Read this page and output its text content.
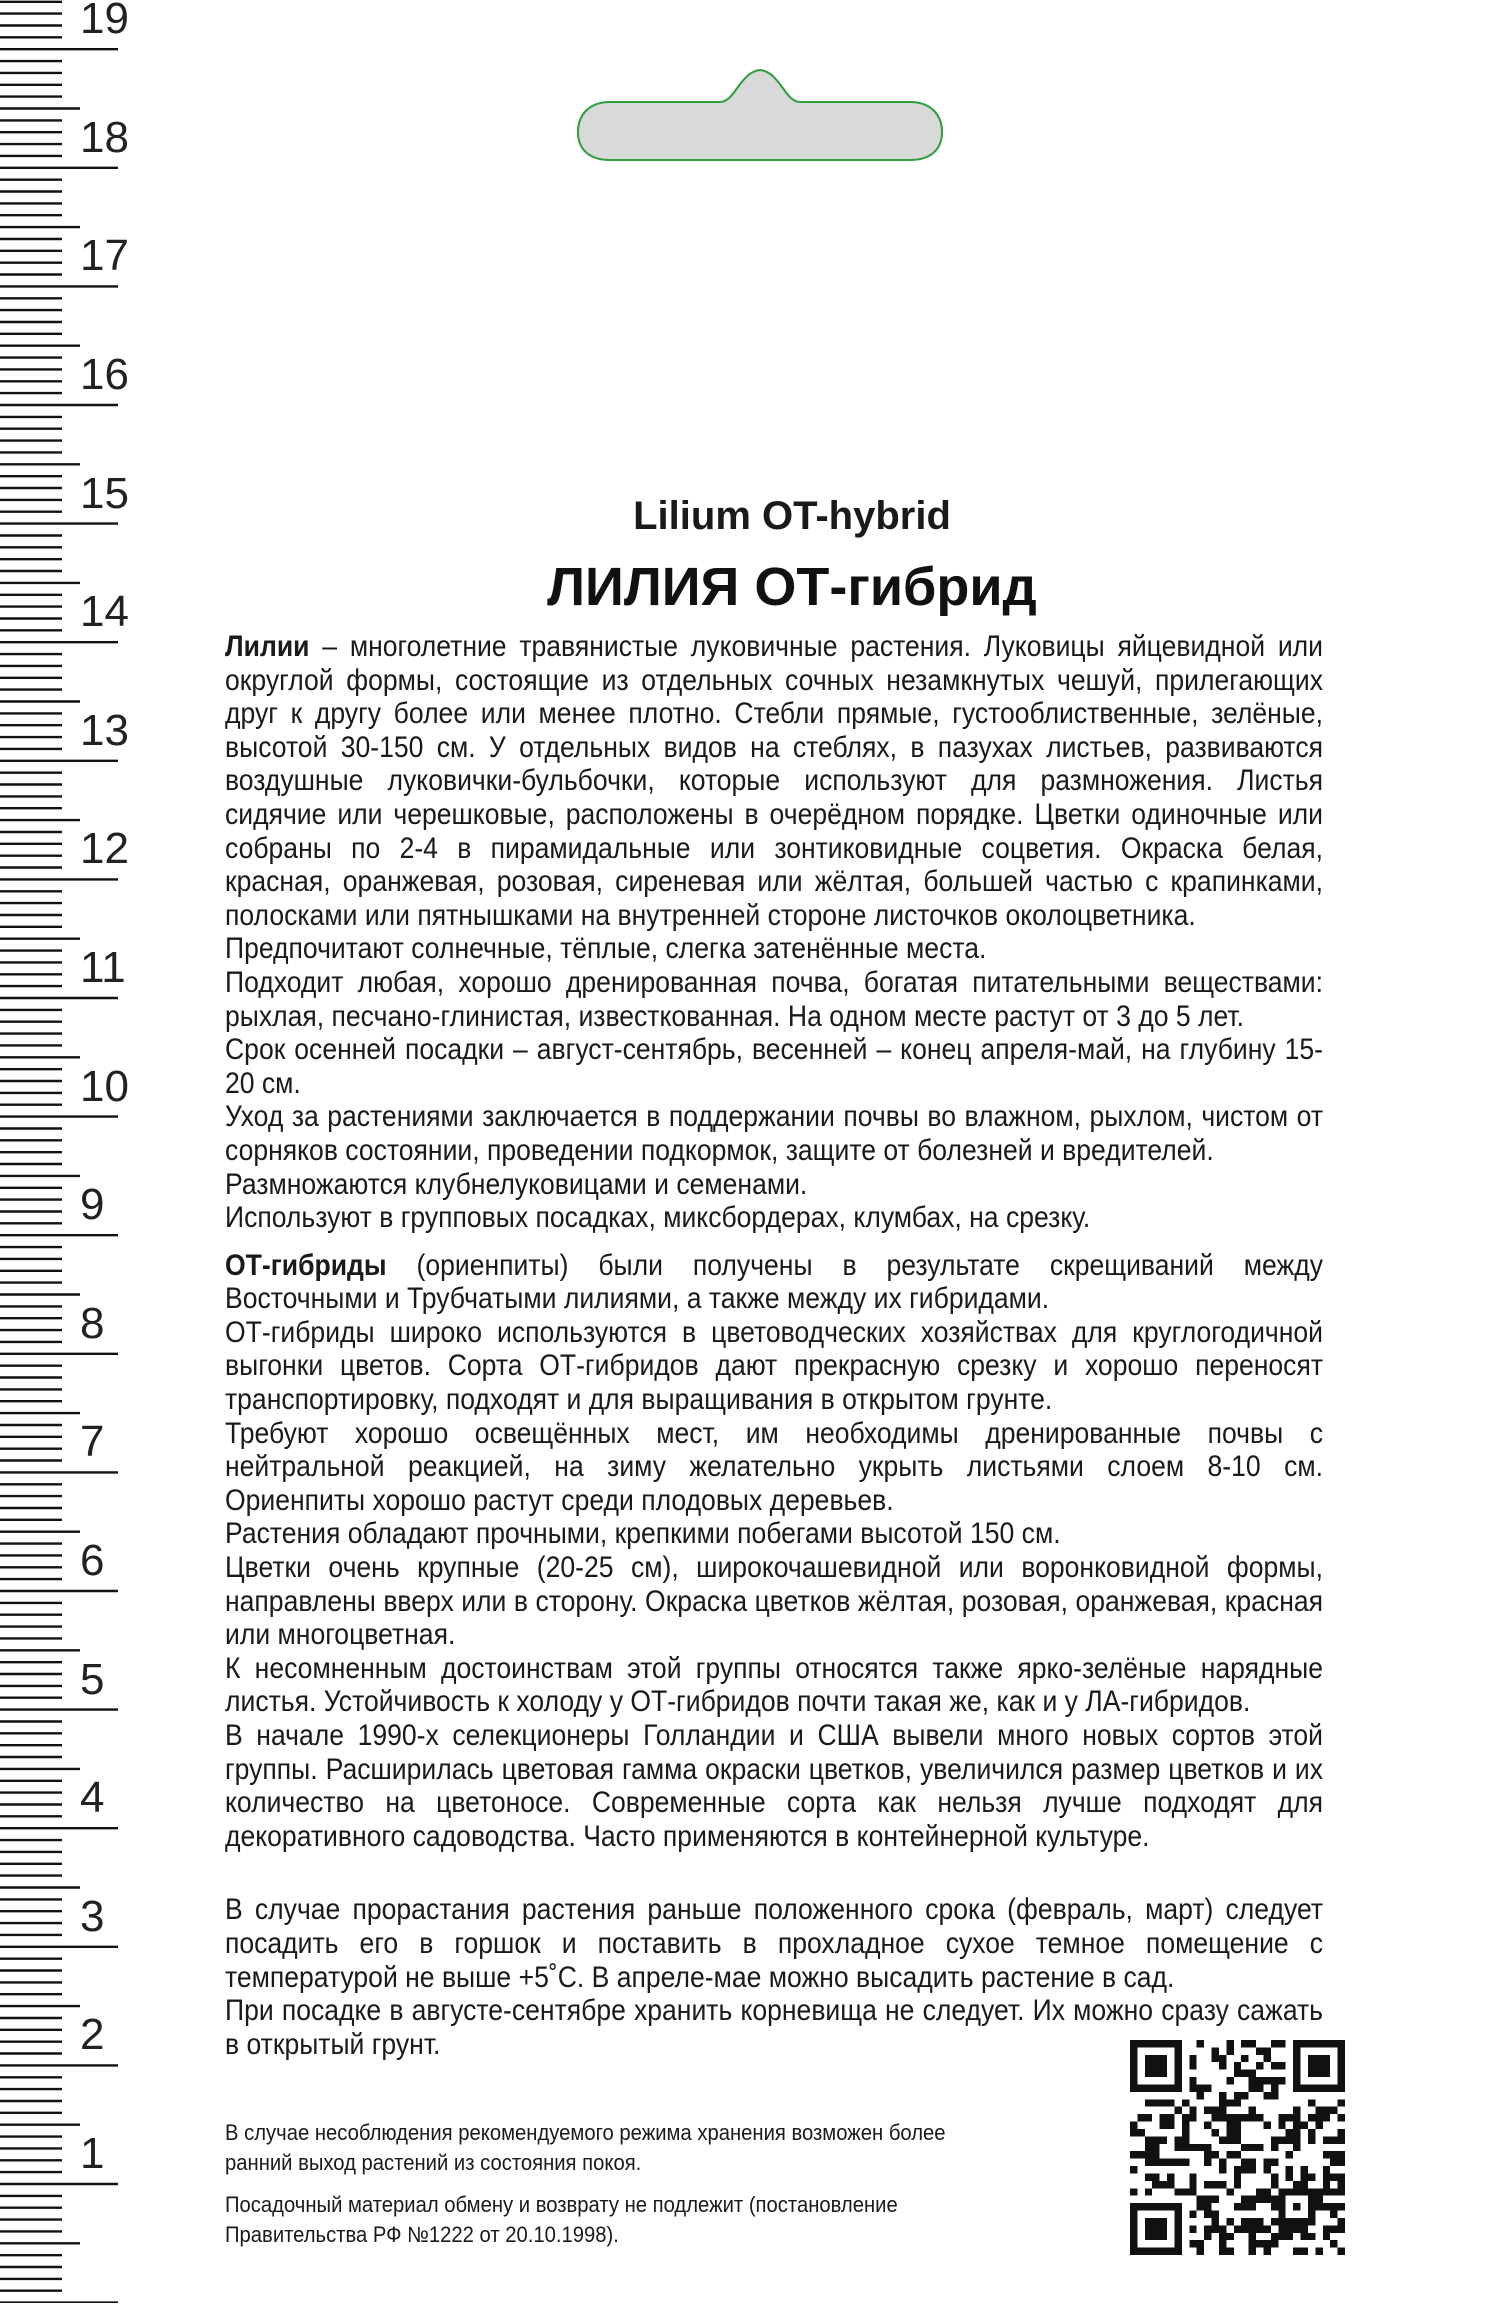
19
18
17
16
15
14
13
12
11
10
9
8
7
6
5
4
3
2
1
Lilium OT-hybrid
ЛИЛИЯ ОТ-гибрид

Лилии – многолетние травянистые луковичные растения. Луковицы яйцевидной или округлой формы, состоящие из отдельных сочных незамкнутых чешуй, прилегающих друг к другу более или менее плотно. Стебли прямые, густооблиственные, зелёные, высотой 30-150 см. У отдельных видов на стеблях, в пазухах листьев, развиваются воздушные луковички-бульбочки, которые используют для размножения. Листья сидячие или черешковые, расположены в очерёдном порядке. Цветки одиночные или собраны по 2-4 в пирамидальные или зонтиковидные соцветия. Окраска белая, красная, оранжевая, розовая, сиреневая или жёлтая, большей частью с крапинками, полосками или пятнышками на внутренней стороне листочков околоцветника.

Предпочитают солнечные, тёплые, слегка затенённые места.

Подходит любая, хорошо дренированная почва, богатая питательными веществами: рыхлая, песчано-глинистая, известкованная. На одном месте растут от 3 до 5 лет.

Срок осенней посадки – август-сентябрь, весенней – конец апреля-май, на глубину 15-20 см.

Уход за растениями заключается в поддержании почвы во влажном, рыхлом, чистом от сорняков состоянии, проведении подкормок, защите от болезней и вредителей.

Размножаются клубнелуковицами и семенами.

Используют в групповых посадках, миксбордерах, клумбах, на срезку.

ОТ-гибриды (ориенпиты) были получены в результате скрещиваний между Восточными и Трубчатыми лилиями, а также между их гибридами.

ОТ-гибриды широко используются в цветоводческих хозяйствах для круглогодичной выгонки цветов. Сорта ОТ-гибридов дают прекрасную срезку и хорошо переносят транспортировку, подходят и для выращивания в открытом грунте.

Требуют хорошо освещённых мест, им необходимы дренированные почвы с нейтральной реакцией, на зиму желательно укрыть листьями слоем 8-10 см. Ориенпиты хорошо растут среди плодовых деревьев.

Растения обладают прочными, крепкими побегами высотой 150 см.

Цветки очень крупные (20-25 см), широкочашевидной или воронковидной формы, направлены вверх или в сторону. Окраска цветков жёлтая, розовая, оранжевая, красная или многоцветная.

К несомненным достоинствам этой группы относятся также ярко-зелёные нарядные листья. Устойчивость к холоду у ОТ-гибридов почти такая же, как и у ЛА-гибридов.

В начале 1990-х селекционеры Голландии и США вывели много новых сортов этой группы. Расширилась цветовая гамма окраски цветков, увеличился размер цветков и их количество на цветоносе. Современные сорта как нельзя лучше подходят для декоративного садоводства. Часто применяются в контейнерной культуре.

В случае прорастания растения раньше положенного срока (февраль, март) следует посадить его в горшок и поставить в прохладное сухое темное помещение с температурой не выше +5˚С. В апреле-мае можно высадить растение в сад.

При посадке в августе-сентябре хранить корневища не следует. Их можно сразу сажать в открытый грунт.

В случае несоблюдения рекомендуемого режима хранения возможен более ранний выход растений из состояния покоя.

Посадочный материал обмену и возврату не подлежит (постановление Правительства РФ №1222 от 20.10.1998).
